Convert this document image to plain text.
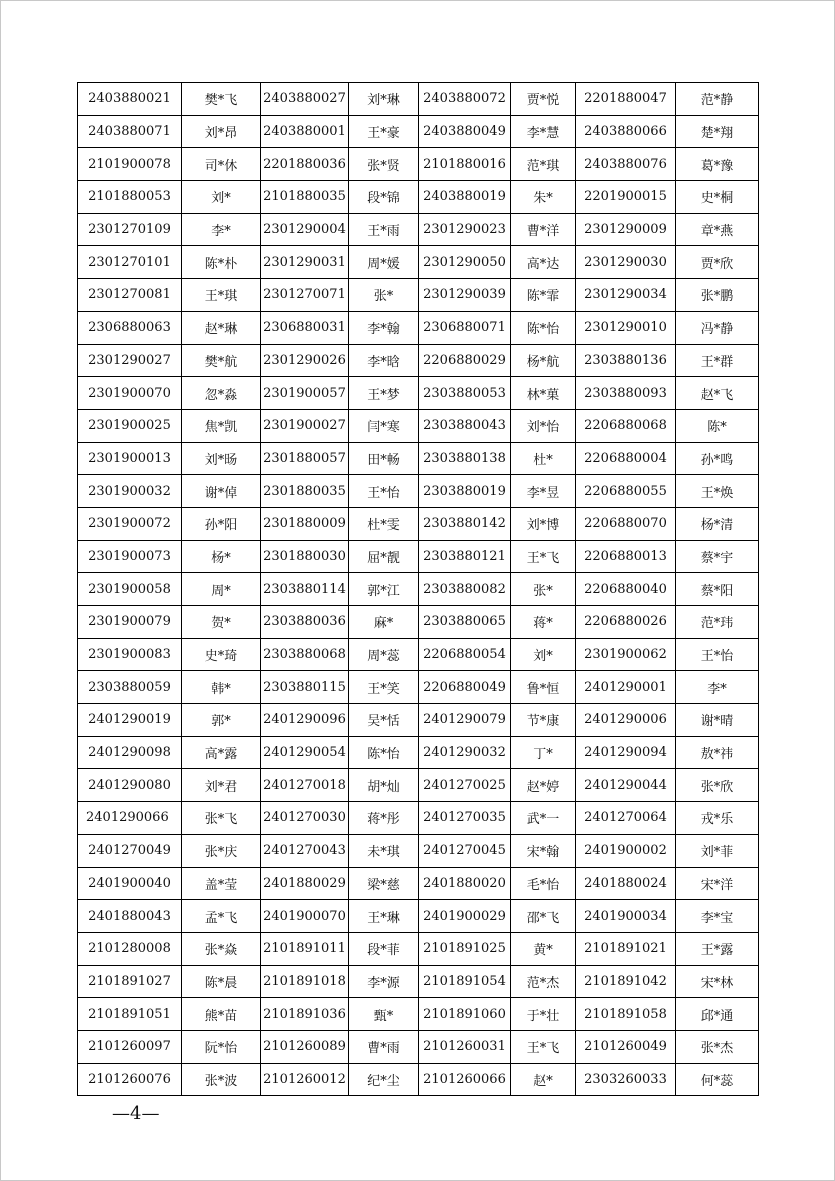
2403880021	樊*飞	2403880027	刘*琳	2403880072	贾*悦	2201880047	范*静
2403880071	刘*昂	2403880001	王*豪	2403880049	李*慧	2403880066	楚*翔
2101900078	司*休	2201880036	张*贤	2101880016	范*琪	2403880076	葛*豫
2101880053	刘*	2101880035	段*锦	2403880019	朱*	2201900015	史*桐
2301270109	李*	2301290004	王*雨	2301290023	曹*洋	2301290009	章*燕
2301270101	陈*朴	2301290031	周*媛	2301290050	高*达	2301290030	贾*欣
2301270081	王*琪	2301270071	张*	2301290039	陈*霏	2301290034	张*鹏
2306880063	赵*琳	2306880031	李*翰	2306880071	陈*怡	2301290010	冯*静
2301290027	樊*航	2301290026	李*晗	2206880029	杨*航	2303880136	王*群
2301900070	忽*淼	2301900057	王*梦	2303880053	林*菓	2303880093	赵*飞
2301900025	焦*凯	2301900027	闫*寒	2303880043	刘*怡	2206880068	陈*
2301900013	刘*旸	2301880057	田*畅	2303880138	杜*	2206880004	孙*鸣
2301900032	谢*倬	2301880035	王*怡	2303880019	李*昱	2206880055	王*焕
2301900072	孙*阳	2301880009	杜*雯	2303880142	刘*博	2206880070	杨*清
2301900073	杨*	2301880030	屈*靓	2303880121	王*飞	2206880013	蔡*宇
2301900058	周*	2303880114	郭*江	2303880082	张*	2206880040	蔡*阳
2301900079	贺*	2303880036	麻*	2303880065	蒋*	2206880026	范*玮
2301900083	史*琦	2303880068	周*蕊	2206880054	刘*	2301900062	王*怡
2303880059	韩*	2303880115	王*笑	2206880049	鲁*恒	2401290001	李*
2401290019	郭*	2401290096	吴*恬	2401290079	节*康	2401290006	谢*晴
2401290098	高*露	2401290054	陈*怡	2401290032	丁*	2401290094	敖*祎
2401290080	刘*君	2401270018	胡*灿	2401270025	赵*婷	2401290044	张*欣
2401290066	张*飞	2401270030	蒋*彤	2401270035	武*一	2401270064	戎*乐
2401270049	张*庆	2401270043	未*琪	2401270045	宋*翰	2401900002	刘*菲
2401900040	盖*莹	2401880029	梁*慈	2401880020	毛*怡	2401880024	宋*洋
2401880043	孟*飞	2401900070	王*琳	2401900029	邵*飞	2401900034	李*宝
2101280008	张*焱	2101891011	段*菲	2101891025	黄*	2101891021	王*露
2101891027	陈*晨	2101891018	李*源	2101891054	范*杰	2101891042	宋*林
2101891051	熊*苗	2101891036	甄*	2101891060	于*壮	2101891058	邱*通
2101260097	阮*怡	2101260089	曹*雨	2101260031	王*飞	2101260049	张*杰
2101260076	张*波	2101260012	纪*尘	2101260066	赵*	2303260033	何*蕊
—4—
